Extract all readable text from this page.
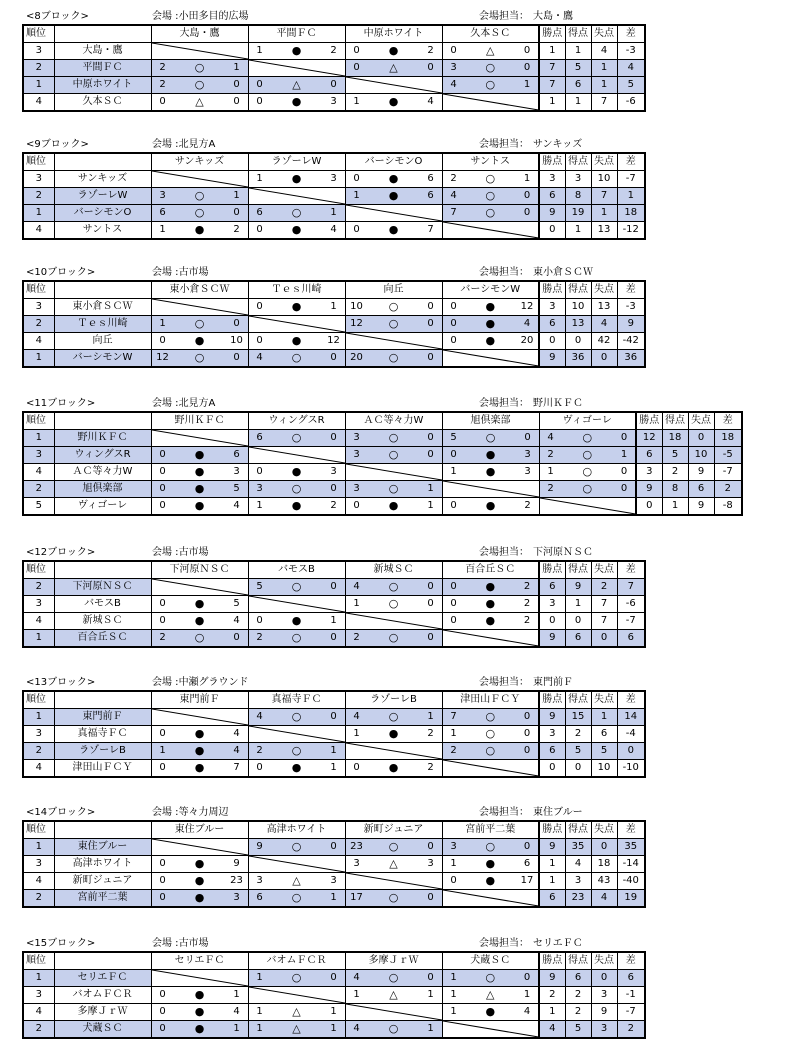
<8ブロック>	会場 :小田多目的広場	会場担当： 大島・鷹
順位		大島・鷹	平間ＦＣ	中原ホワイト	久本ＳＣ	勝点	得点	失点	差
3	大島・鷹		1 ● 2	0 ● 2	0 △ 0	1	1	4	-3
2	平間ＦＣ	2 ○ 1		0 △ 0	3 ○ 0	7	5	1	4
1	中原ホワイト	2 ○ 0	0 △ 0		4 ○ 1	7	6	1	5
4	久本ＳＣ	0 △ 0	0 ● 3	1 ● 4		1	1	7	-6
<9ブロック>	会場 :北見方A	会場担当： サンキッズ
順位		サンキッズ	ラゾーレW	バーシモンO	サントス	勝点	得点	失点	差
3	サンキッズ		1 ● 3	0 ● 6	2 ○ 1	3	3	10	-7
2	ラゾーレW	3 ○ 1		1 ● 6	4 ○ 0	6	8	7	1
1	バーシモンO	6 ○ 0	6 ○ 1		7 ○ 0	9	19	1	18
4	サントス	1 ● 2	0 ● 4	0 ● 7		0	1	13	-12
<10ブロック>	会場 :古市場	会場担当： 東小倉ＳＣＷ
順位		東小倉ＳＣＷ	Ｔｅｓ川崎	向丘	バーシモンW	勝点	得点	失点	差
3	東小倉ＳＣＷ		0 ● 1	10 ○ 0	0 ● 12	3	10	13	-3
2	Ｔｅｓ川崎	1 ○ 0		12 ○ 0	0 ● 4	6	13	4	9
4	向丘	0 ● 10	0 ● 12		0 ● 20	0	0	42	-42
1	バーシモンW	12 ○ 0	4 ○ 0	20 ○ 0		9	36	0	36
<11ブロック>	会場 :北見方A	会場担当： 野川ＫＦＣ
順位		野川ＫＦＣ	ウィングスR	ＡＣ等々力W	旭倶楽部	ヴィゴーレ	勝点	得点	失点	差
1	野川ＫＦＣ		6 ○ 0	3 ○ 0	5 ○ 0	4 ○ 0	12	18	0	18
3	ウィングスR	0 ● 6		3 ○ 0	0 ● 3	2 ○ 1	6	5	10	-5
4	ＡＣ等々力W	0 ● 3	0 ● 3		1 ● 3	1 ○ 0	3	2	9	-7
2	旭倶楽部	0 ● 5	3 ○ 0	3 ○ 1		2 ○ 0	9	8	6	2
5	ヴィゴーレ	0 ● 4	1 ● 2	0 ● 1	0 ● 2		0	1	9	-8
<12ブロック>	会場 :古市場	会場担当： 下河原ＮＳＣ
順位		下河原ＮＳＣ	バモスB	新城ＳＣ	百合丘ＳＣ	勝点	得点	失点	差
2	下河原ＮＳＣ		5 ○ 0	4 ○ 0	0 ● 2	6	9	2	7
3	バモスB	0 ● 5		1 ○ 0	0 ● 2	3	1	7	-6
4	新城ＳＣ	0 ● 4	0 ● 1		0 ● 2	0	0	7	-7
1	百合丘ＳＣ	2 ○ 0	2 ○ 0	2 ○ 0		9	6	0	6
<13ブロック>	会場 :中瀬グラウンド	会場担当： 東門前Ｆ
順位		東門前Ｆ	真福寺ＦＣ	ラゾーレB	津田山ＦＣＹ	勝点	得点	失点	差
1	東門前Ｆ		4 ○ 0	4 ○ 1	7 ○ 0	9	15	1	14
3	真福寺ＦＣ	0 ● 4		1 ● 2	1 ○ 0	3	2	6	-4
2	ラゾーレB	1 ● 4	2 ○ 1		2 ○ 0	6	5	5	0
4	津田山ＦＣＹ	0 ● 7	0 ● 1	0 ● 2		0	0	10	-10
<14ブロック>	会場 :等々力周辺	会場担当： 東住ブルー
順位		東住ブルー	高津ホワイト	新町ジュニア	宮前平二葉	勝点	得点	失点	差
1	東住ブルー		9 ○ 0	23 ○ 0	3 ○ 0	9	35	0	35
3	高津ホワイト	0 ● 9		3 △ 3	1 ● 6	1	4	18	-14
4	新町ジュニア	0 ● 23	3 △ 3		0 ● 17	1	3	43	-40
2	宮前平二葉	0 ● 3	6 ○ 1	17 ○ 0		6	23	4	19
<15ブロック>	会場 :古市場	会場担当： セリエＦＣ
順位		セリエＦＣ	バオムＦＣＲ	多摩ＪｒＷ	犬蔵ＳＣ	勝点	得点	失点	差
1	セリエＦＣ		1 ○ 0	4 ○ 0	1 ○ 0	9	6	0	6
3	バオムＦＣＲ	0 ● 1		1 △ 1	1 △ 1	2	2	3	-1
4	多摩ＪｒＷ	0 ● 4	1 △ 1		1 ● 4	1	2	9	-7
2	犬蔵ＳＣ	0 ● 1	1 △ 1	4 ○ 1		4	5	3	2
